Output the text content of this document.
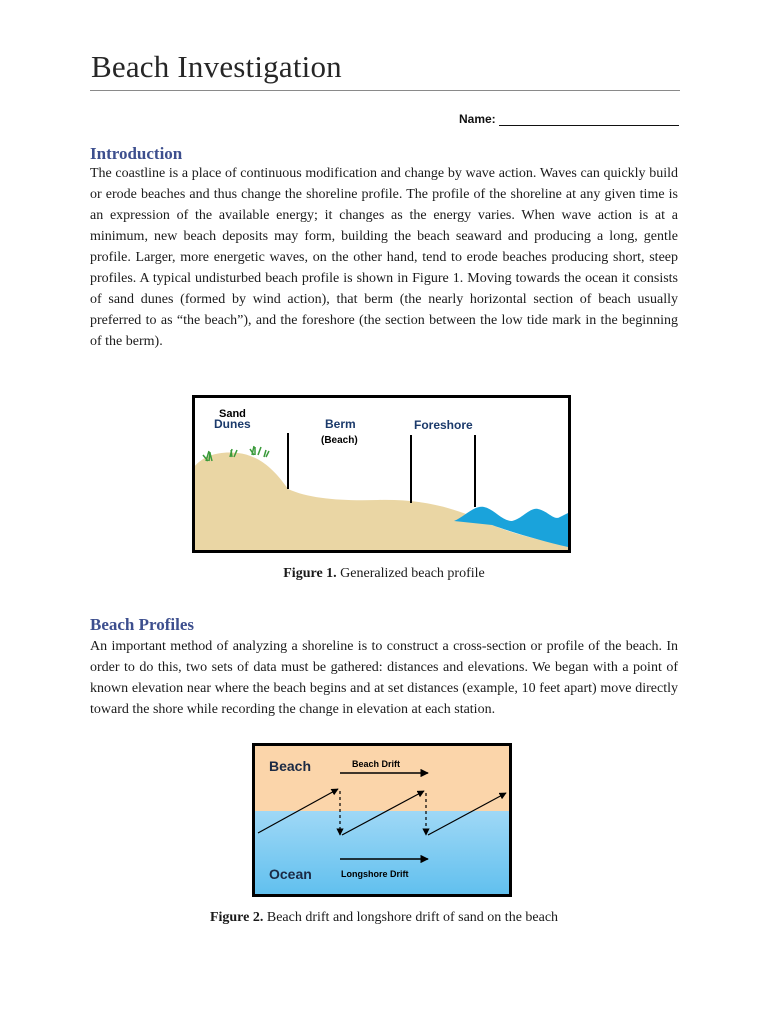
Beach Investigation
Name:
Introduction

The coastline is a place of continuous modification and change by wave action. Waves can quickly build or erode beaches and thus change the shoreline profile. The profile of the shoreline at any given time is an expression of the available energy; it changes as the energy varies. When wave action is at a minimum, new beach deposits may form, building the beach seaward and producing a long, gentle profile. Larger, more energetic waves, on the other hand, tend to erode beaches producing short, steep profiles. A typical undisturbed beach profile is shown in Figure 1. Moving towards the ocean it consists of sand dunes (formed by wind action), that berm (the nearly horizontal section of beach usually preferred to as “the beach”), and the foreshore (the section between the low tide mark in the beginning of the berm).

Sand
Dunes	Berm
(Beach)
Foreshore
Figure 1. Generalized beach profile
Beach Profiles

An important method of analyzing a shoreline is to construct a cross-section or profile of the beach. In order to do this, two sets of data must be gathered: distances and elevations. We began with a point of known elevation near where the beach begins and at set distances (example, 10 feet apart) move directly toward the shore while recording the change in elevation at each station.

Beach	Beach Drift
Ocean	Longshore Drift
Figure 2. Beach drift and longshore drift of sand on the beach
